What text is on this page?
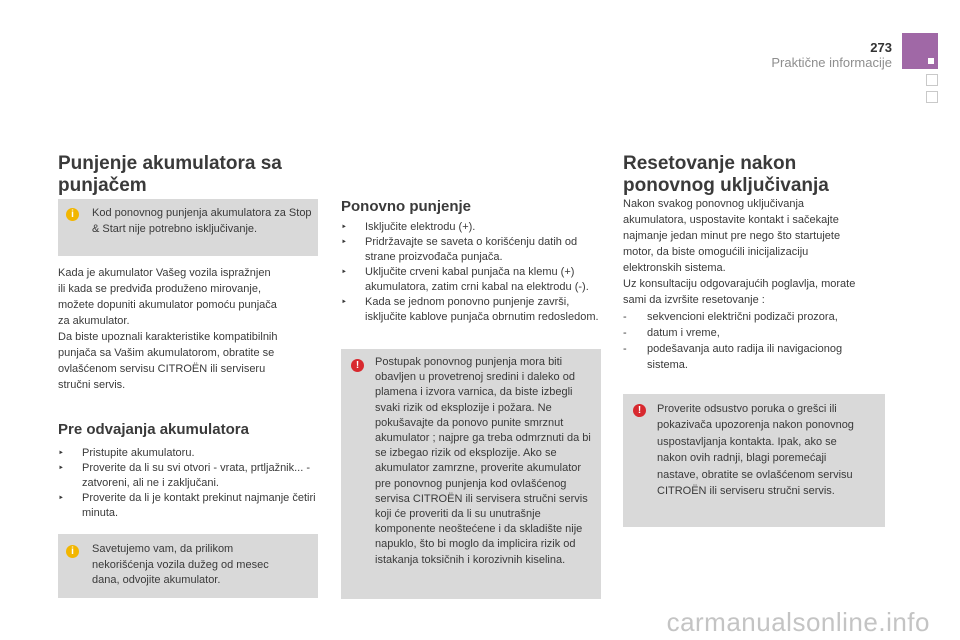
273
Praktične informacije
Punjenje akumulatora sa punjačem
i	Kod ponovnog punjenja akumulatora za Stop & Start nije potrebno isključivanje.
Kada je akumulator Vašeg vozila ispražnjen
ili kada se predviđa produženo mirovanje,
možete dopuniti akumulator pomoću punjača
za akumulator.
Da biste upoznali karakteristike kompatibilnih
punjača sa Vašim akumulatorom, obratite se
ovlašćenom servisu CITROËN ili serviseru
stručni servis.
Pre odvajanja akumulatora
‣ Pristupite akumulatoru.
‣ Proverite da li su svi otvori - vrata, prtljažnik... - zatvoreni, ali ne i zaključani.
‣ Proverite da li je kontakt prekinut najmanje četiri minuta.
i	Savetujemo vam, da prilikom nekorišćenja vozila dužeg od mesec dana, odvojite akumulator.
Ponovno punjenje
‣ Isključite elektrodu (+).
‣ Pridržavajte se saveta o korišćenju datih od strane proizvođača punjača.
‣ Uključite crveni kabal punjača na klemu (+) akumulatora, zatim crni kabal na elektrodu (-).
‣ Kada se jednom ponovno punjenje završi, isključite kablove punjača obrnutim redosledom.
!	Postupak ponovnog punjenja mora biti obavljen u provetrenoj sredini i daleko od plamena i izvora varnica, da biste izbegli svaki rizik od eksplozije i požara. Ne pokušavajte da ponovo punite smrznut akumulator ; najpre ga treba odmrznuti da bi se izbegao rizik od eksplozije. Ako se akumulator zamrzne, proverite akumulator pre ponovnog punjenja kod ovlašćenog servisa CITROËN ili servisera stručni servis koji će proveriti da li su unutrašnje komponente neoštećene i da skladište nije napuklo, što bi moglo da implicira rizik od istakanja toksičnih i korozivnih kiselina.
Resetovanje nakon ponovnog uključivanja
Nakon svakog ponovnog uključivanja
akumulatora, uspostavite kontakt i sačekajte
najmanje jedan minut pre nego što startujete
motor, da biste omogućili inicijalizaciju
elektronskih sistema.
Uz konsultaciju odgovarajućih poglavlja, morate
sami da izvršite resetovanje :
- sekvencioni električni podizači prozora,
- datum i vreme,
- podešavanja auto radija ili navigacionog sistema.
!	Proverite odsustvo poruka o grešci ili pokazivača upozorenja nakon ponovnog uspostavljanja kontakta. Ipak, ako se nakon ovih radnji, blagi poremećaji nastave, obratite se ovlašćenom servisu CITROËN ili serviseru stručni servis.
carmanualsonline.info
